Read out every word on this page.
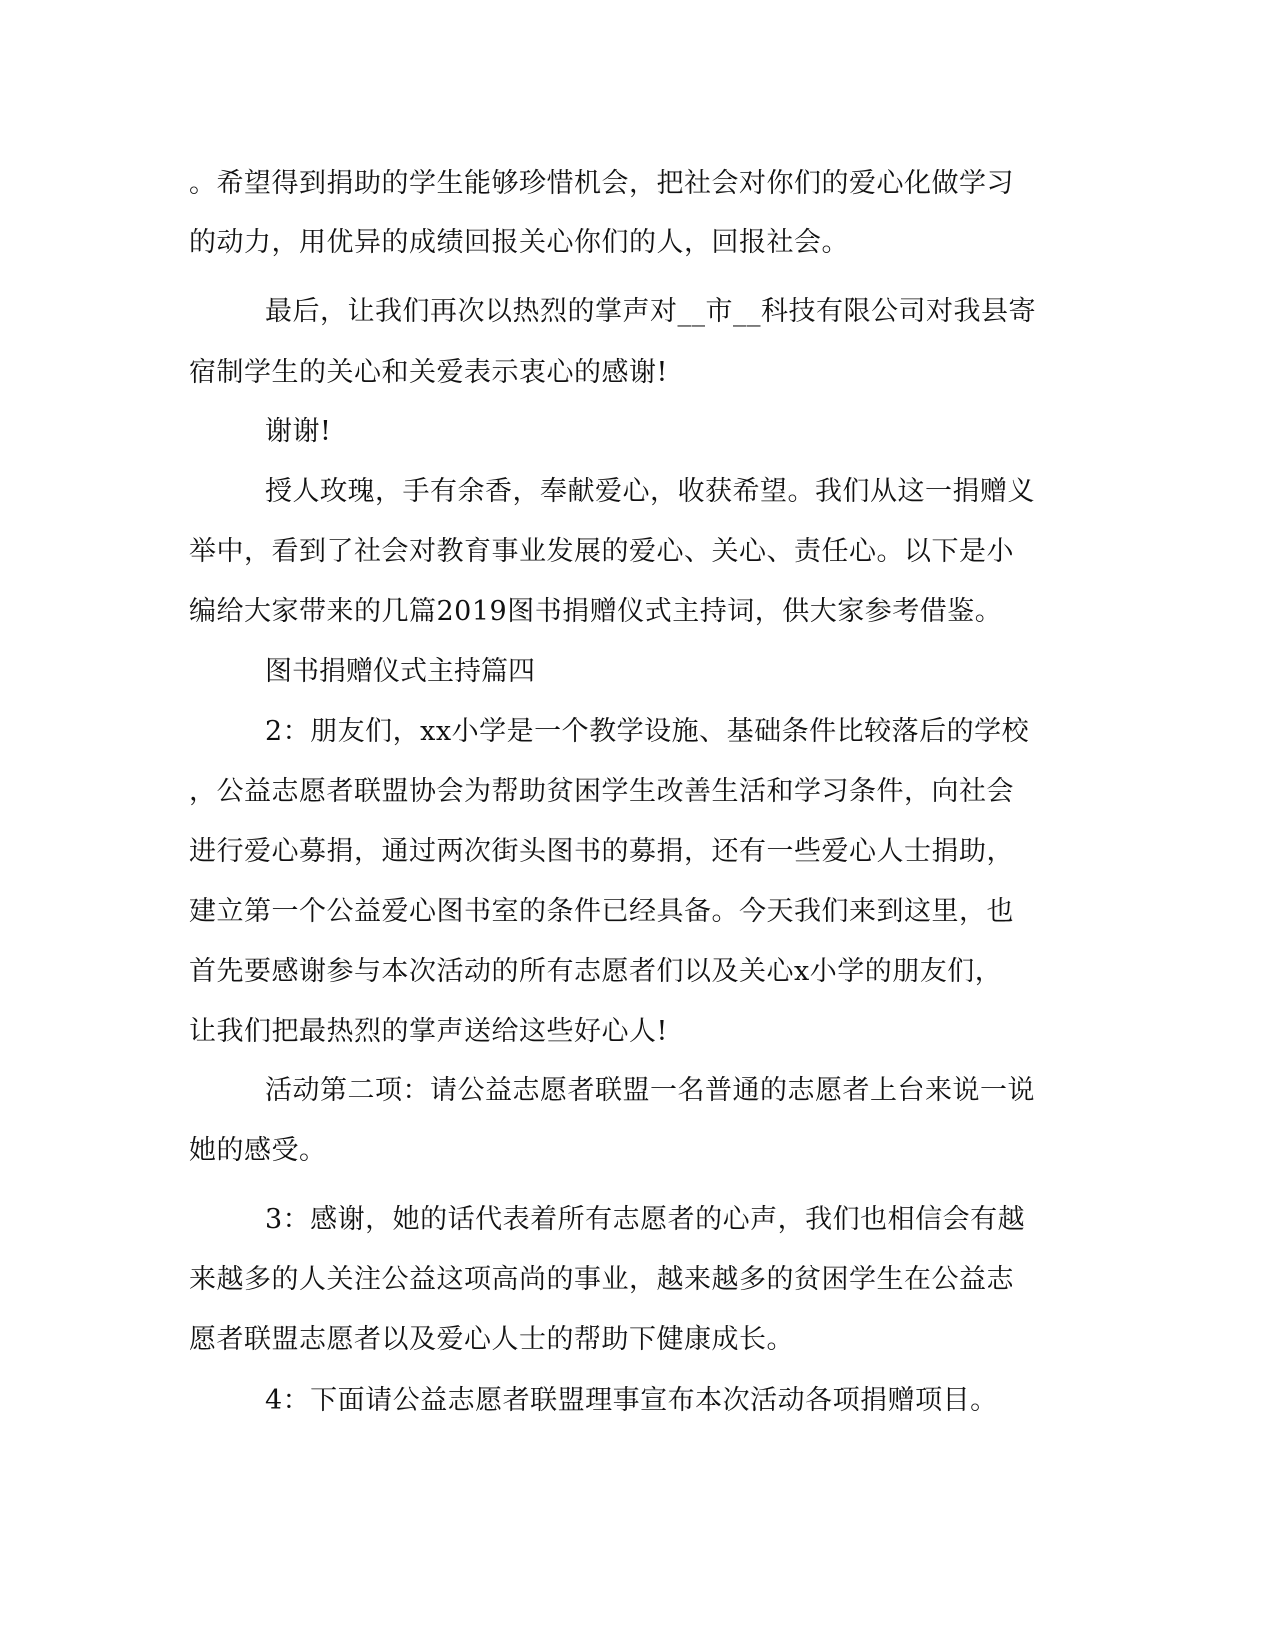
。希望得到捐助的学生能够珍惜机会，把社会对你们的爱心化做学习

的动力，用优异的成绩回报关心你们的人，回报社会。

最后，让我们再次以热烈的掌声对__市__科技有限公司对我县寄

宿制学生的关心和关爱表示衷心的感谢!

谢谢!

授人玫瑰，手有余香，奉献爱心，收获希望。我们从这一捐赠义

举中，看到了社会对教育事业发展的爱心、关心、责任心。以下是小

编给大家带来的几篇2019图书捐赠仪式主持词，供大家参考借鉴。

图书捐赠仪式主持篇四

2：朋友们，xx小学是一个教学设施、基础条件比较落后的学校

，公益志愿者联盟协会为帮助贫困学生改善生活和学习条件，向社会

进行爱心募捐，通过两次街头图书的募捐，还有一些爱心人士捐助，

建立第一个公益爱心图书室的条件已经具备。今天我们来到这里，也

首先要感谢参与本次活动的所有志愿者们以及关心x小学的朋友们，

让我们把最热烈的掌声送给这些好心人!

活动第二项：请公益志愿者联盟一名普通的志愿者上台来说一说

她的感受。

3：感谢，她的话代表着所有志愿者的心声，我们也相信会有越

来越多的人关注公益这项高尚的事业，越来越多的贫困学生在公益志

愿者联盟志愿者以及爱心人士的帮助下健康成长。

4：下面请公益志愿者联盟理事宣布本次活动各项捐赠项目。
